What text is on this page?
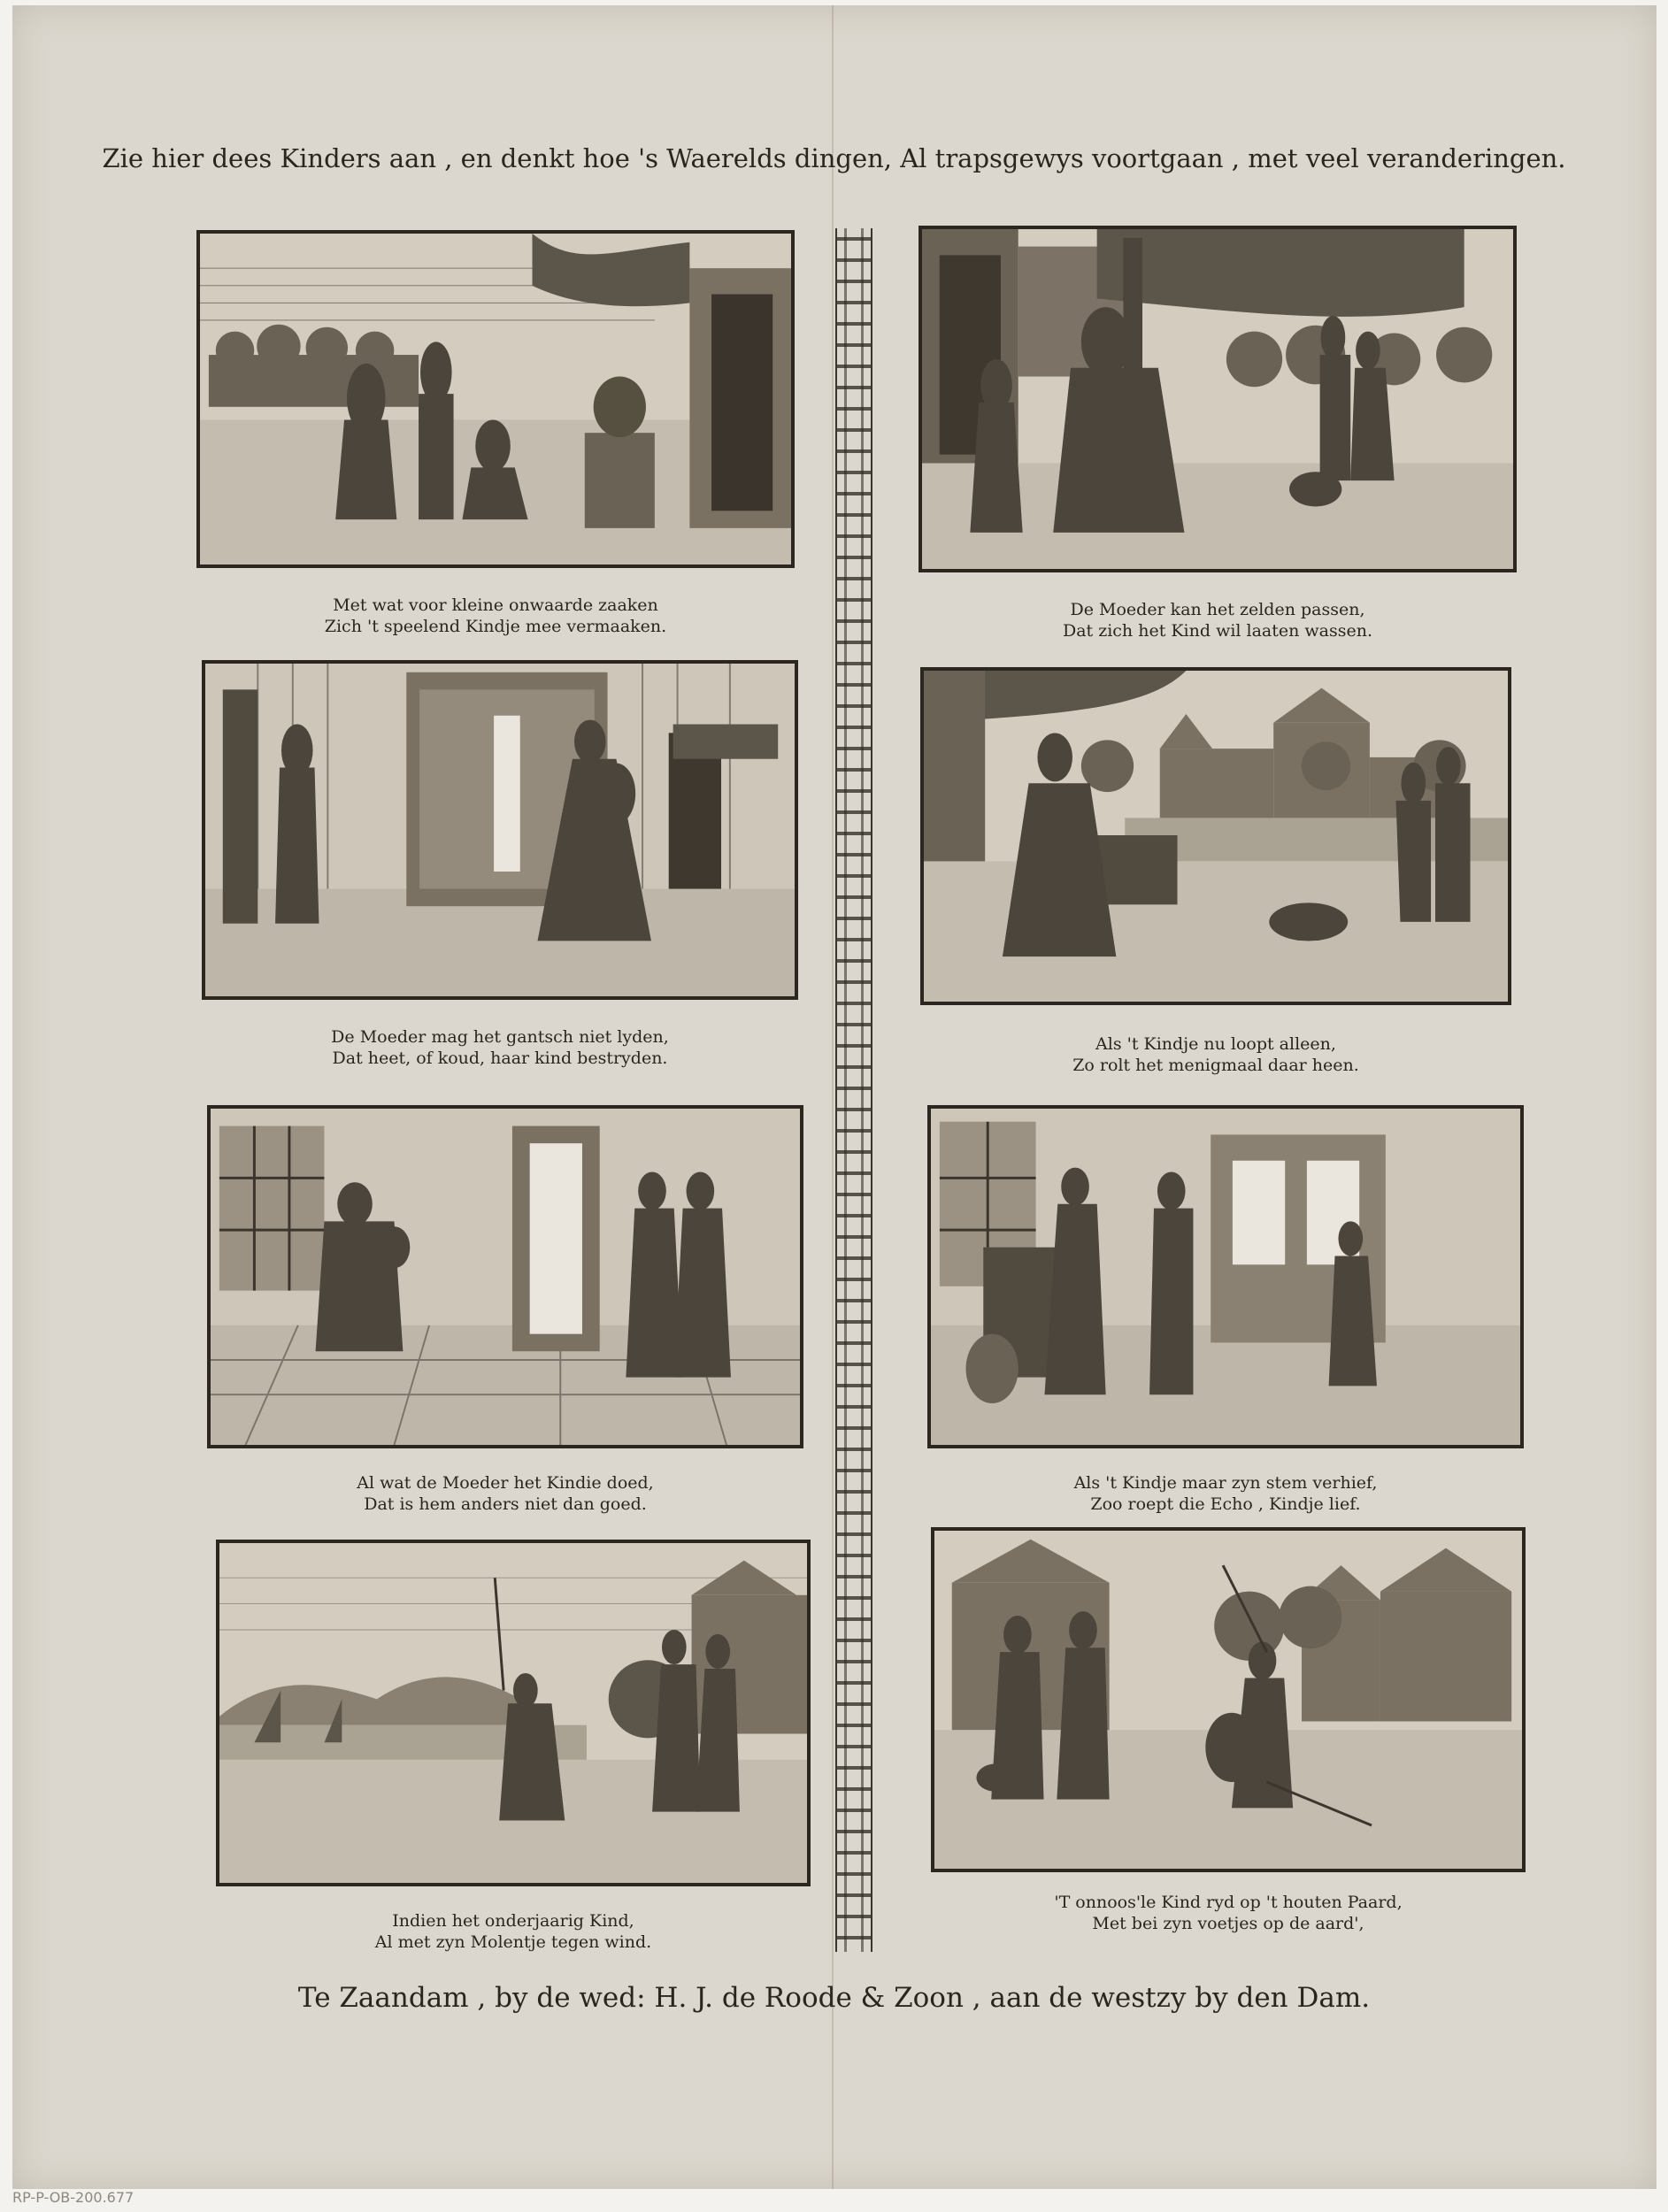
Zie hier dees Kinders aan , en denkt hoe 's Waerelds dingen, Al trapsgewys voortgaan , met veel veranderingen.
Met wat voor kleine onwaarde zaaken
Zich 't speelend Kindje mee vermaaken.
De Moeder kan het zelden passen,
Dat zich het Kind wil laaten wassen.
De Moeder mag het gantsch niet lyden,
Dat heet, of koud, haar kind bestryden.
Als 't Kindje nu loopt alleen,
Zo rolt het menigmaal daar heen.
Al wat de Moeder het Kindie doed,
Dat is hem anders niet dan goed.
Als 't Kindje maar zyn stem verhief,
Zoo roept die Echo , Kindje lief.
Indien het onderjaarig Kind,
Al met zyn Molentje tegen wind.
'T onnoos'le Kind ryd op 't houten Paard,
Met bei zyn voetjes op de aard',
Te Zaandam , by de wed: H. J. de Roode & Zoon , aan de westzy by den Dam.
RP-P-OB-200.677
